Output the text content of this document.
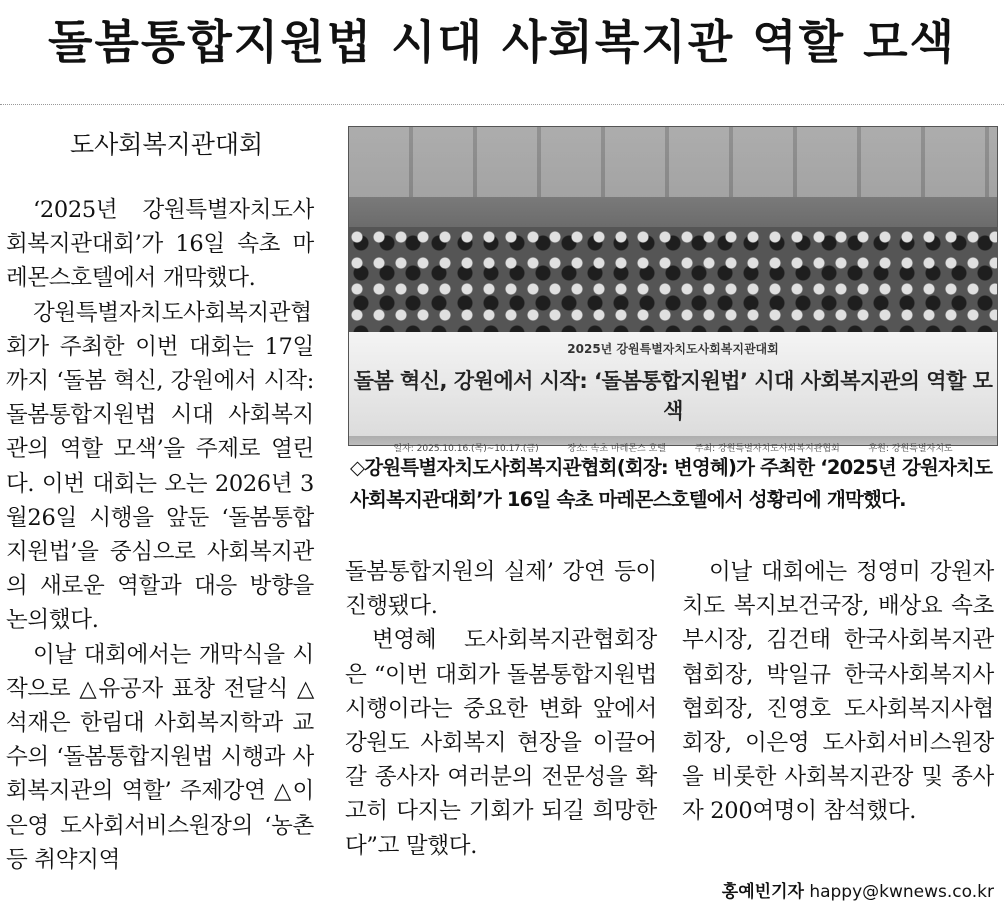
돌봄통합지원법 시대 사회복지관 역할 모색
도사회복지관대회

‘2025년 강원특별자치도사회복지관대회’가 16일 속초 마레몬스호텔에서 개막했다.

강원특별자치도사회복지관협회가 주최한 이번 대회는 17일까지 ‘돌봄 혁신, 강원에서 시작: 돌봄통합지원법 시대 사회복지관의 역할 모색’을 주제로 열린다. 이번 대회는 오는 2026년 3월26일 시행을 앞둔 ‘돌봄통합지원법’을 중심으로 사회복지관의 새로운 역할과 대응 방향을 논의했다.

이날 대회에서는 개막식을 시작으로 △유공자 표창 전달식 △석재은 한림대 사회복지학과 교수의 ‘돌봄통합지원법 시행과 사회복지관의 역할’ 주제강연 △이은영 도사회서비스원장의 ‘농촌 등 취약지역

2025년 강원특별자치도사회복지관대회
돌봄 혁신, 강원에서 시작: ‘돌봄통합지원법’ 시대 사회복지관의 역할 모색
일자: 2025.10.16.(목)~10.17.(금)	장소: 속초 마레몬스 호텔	주최: 강원특별자치도사회복지관협회	후원: 강원특별자치도
◇강원특별자치도사회복지관협회(회장: 변영혜)가 주최한 ‘2025년 강원자치도사회복지관대회’가 16일 속초 마레몬스호텔에서 성황리에 개막했다.

돌봄통합지원의 실제’ 강연 등이 진행됐다.

변영혜 도사회복지관협회장은 “이번 대회가 돌봄통합지원법 시행이라는 중요한 변화 앞에서 강원도 사회복지 현장을 이끌어갈 종사자 여러분의 전문성을 확고히 다지는 기회가 되길 희망한다”고 말했다.

이날 대회에는 정영미 강원자치도 복지보건국장, 배상요 속초부시장, 김건태 한국사회복지관협회장, 박일규 한국사회복지사협회장, 진영호 도사회복지사협회장, 이은영 도사회서비스원장을 비롯한 사회복지관장 및 종사자 200여명이 참석했다.

홍예빈기자 happy@kwnews.co.kr
